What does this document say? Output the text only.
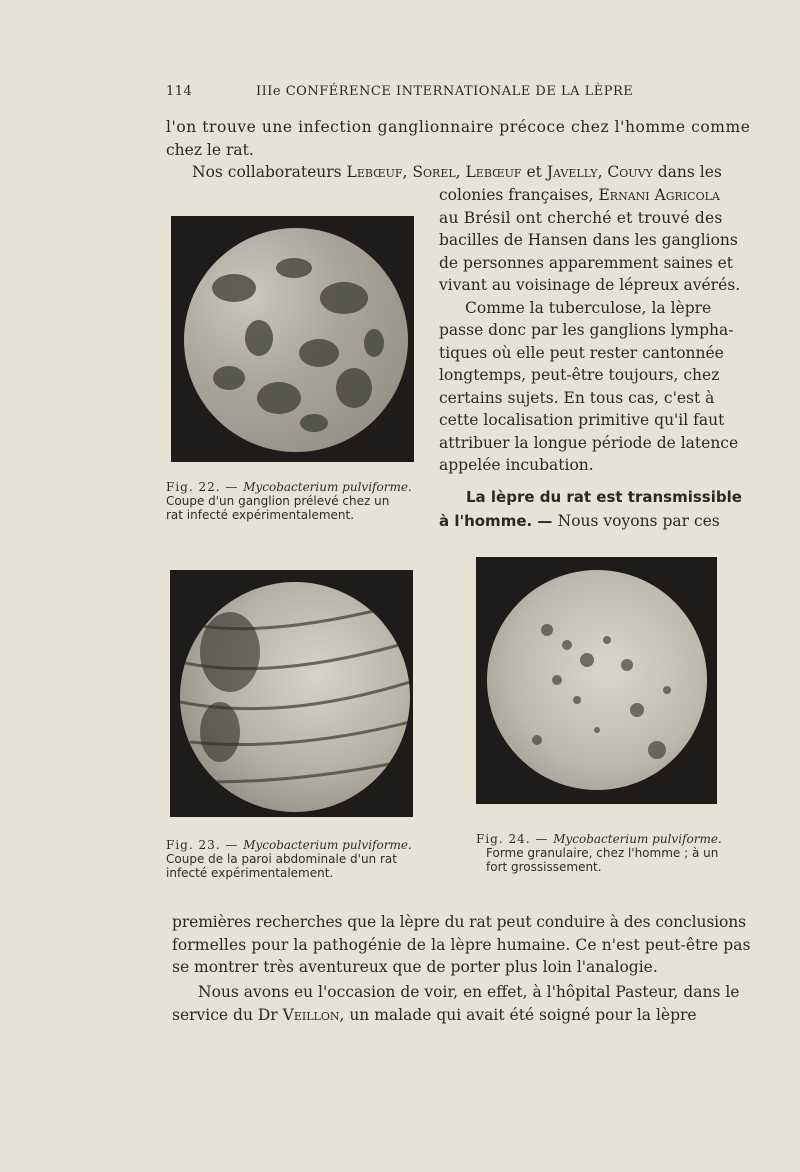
114	IIIe CONFÉRENCE INTERNATIONALE DE LA LÈPRE
l'on trouve une infection ganglionnaire précoce chez l'homme comme
chez le rat.
Nos collaborateurs Lebœuf, Sorel, Lebœuf et Javelly, Couvy dans les
colonies françaises, Ernani Agricola
au Brésil ont cherché et trouvé des
bacilles de Hansen dans les ganglions
de personnes apparemment saines et
vivant au voisinage de lépreux avérés.
Comme la tuberculose, la lèpre
passe donc par les ganglions lympha-
tiques où elle peut rester cantonnée
longtemps, peut-être toujours, chez
certains sujets. En tous cas, c'est à
cette localisation primitive qu'il faut
attribuer la longue période de latence
appelée incubation.
Fig. 22. — Mycobacterium pulviforme.
Coupe d'un ganglion prélevé chez un
rat infecté expérimentalement.
La lèpre du rat est transmissible
à l'homme. — Nous voyons par ces
Fig. 23. — Mycobacterium pulviforme.
Coupe de la paroi abdominale d'un rat
infecté expérimentalement.
Fig. 24. — Mycobacterium pulviforme.
Forme granulaire, chez l'homme ; à un
fort grossissement.
premières recherches que la lèpre du rat peut conduire à des conclusions
formelles pour la pathogénie de la lèpre humaine. Ce n'est peut-être pas
se montrer très aventureux que de porter plus loin l'analogie.
Nous avons eu l'occasion de voir, en effet, à l'hôpital Pasteur, dans le
service du Dr Veillon, un malade qui avait été soigné pour la lèpre
